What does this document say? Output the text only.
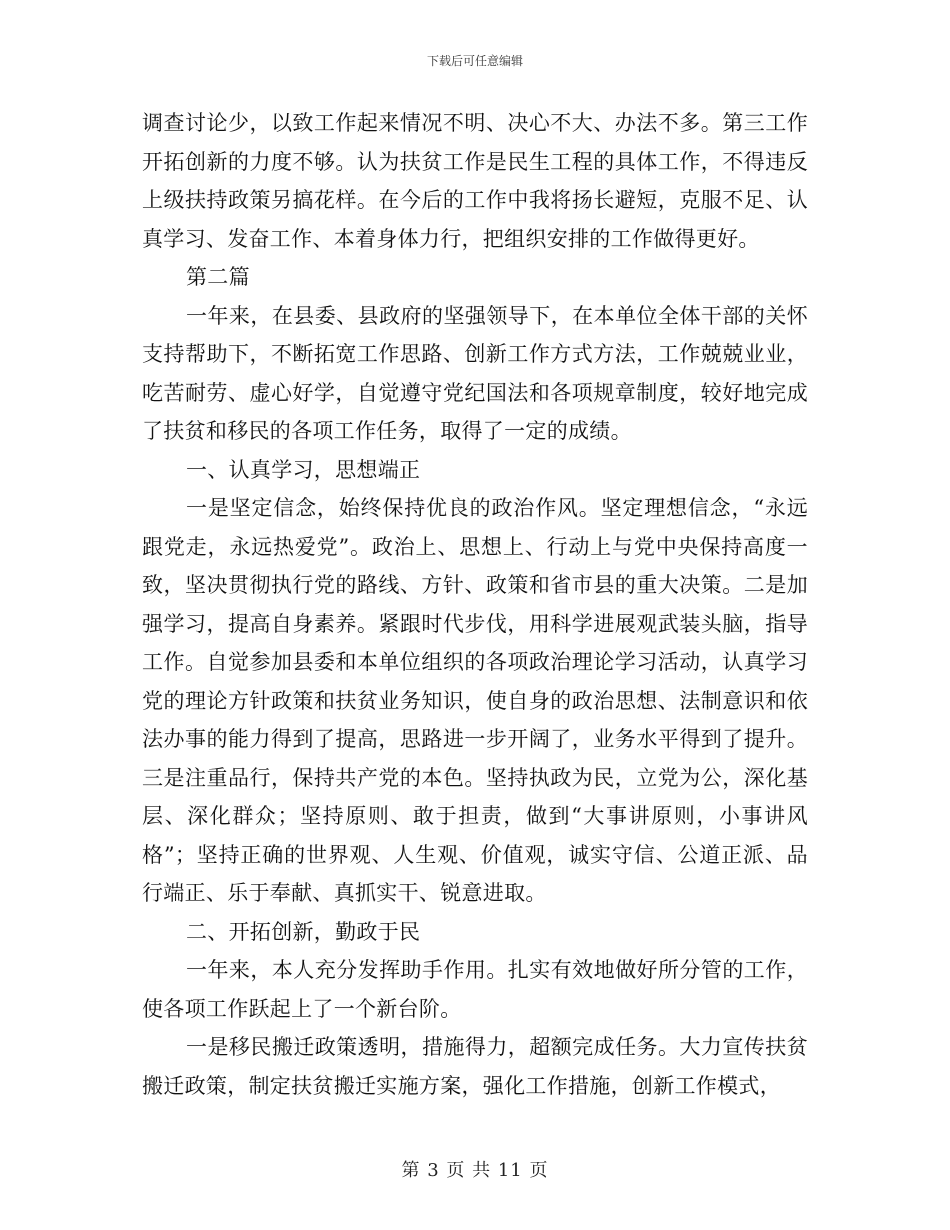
下载后可任意编辑

调查讨论少，以致工作起来情况不明、决心不大、办法不多。第三工作开拓创新的力度不够。认为扶贫工作是民生工程的具体工作，不得违反上级扶持政策另搞花样。在今后的工作中我将扬长避短，克服不足、认真学习、发奋工作、本着身体力行，把组织安排的工作做得更好。

第二篇

一年来，在县委、县政府的坚强领导下，在本单位全体干部的关怀支持帮助下，不断拓宽工作思路、创新工作方式方法，工作兢兢业业，吃苦耐劳、虚心好学，自觉遵守党纪国法和各项规章制度，较好地完成了扶贫和移民的各项工作任务，取得了一定的成绩。

一、认真学习，思想端正

一是坚定信念，始终保持优良的政治作风。坚定理想信念，“永远跟党走，永远热爱党”。政治上、思想上、行动上与党中央保持高度一致，坚决贯彻执行党的路线、方针、政策和省市县的重大决策。二是加强学习，提高自身素养。紧跟时代步伐，用科学进展观武装头脑，指导工作。自觉参加县委和本单位组织的各项政治理论学习活动，认真学习党的理论方针政策和扶贫业务知识，使自身的政治思想、法制意识和依法办事的能力得到了提高，思路进一步开阔了，业务水平得到了提升。三是注重品行，保持共产党的本色。坚持执政为民，立党为公，深化基层、深化群众；坚持原则、敢于担责，做到“大事讲原则，小事讲风格”；坚持正确的世界观、人生观、价值观，诚实守信、公道正派、品行端正、乐于奉献、真抓实干、锐意进取。

二、开拓创新，勤政于民

一年来，本人充分发挥助手作用。扎实有效地做好所分管的工作，使各项工作跃起上了一个新台阶。

一是移民搬迁政策透明，措施得力，超额完成任务。大力宣传扶贫搬迁政策，制定扶贫搬迁实施方案，强化工作措施，创新工作模式，

第 3 页 共 11 页
